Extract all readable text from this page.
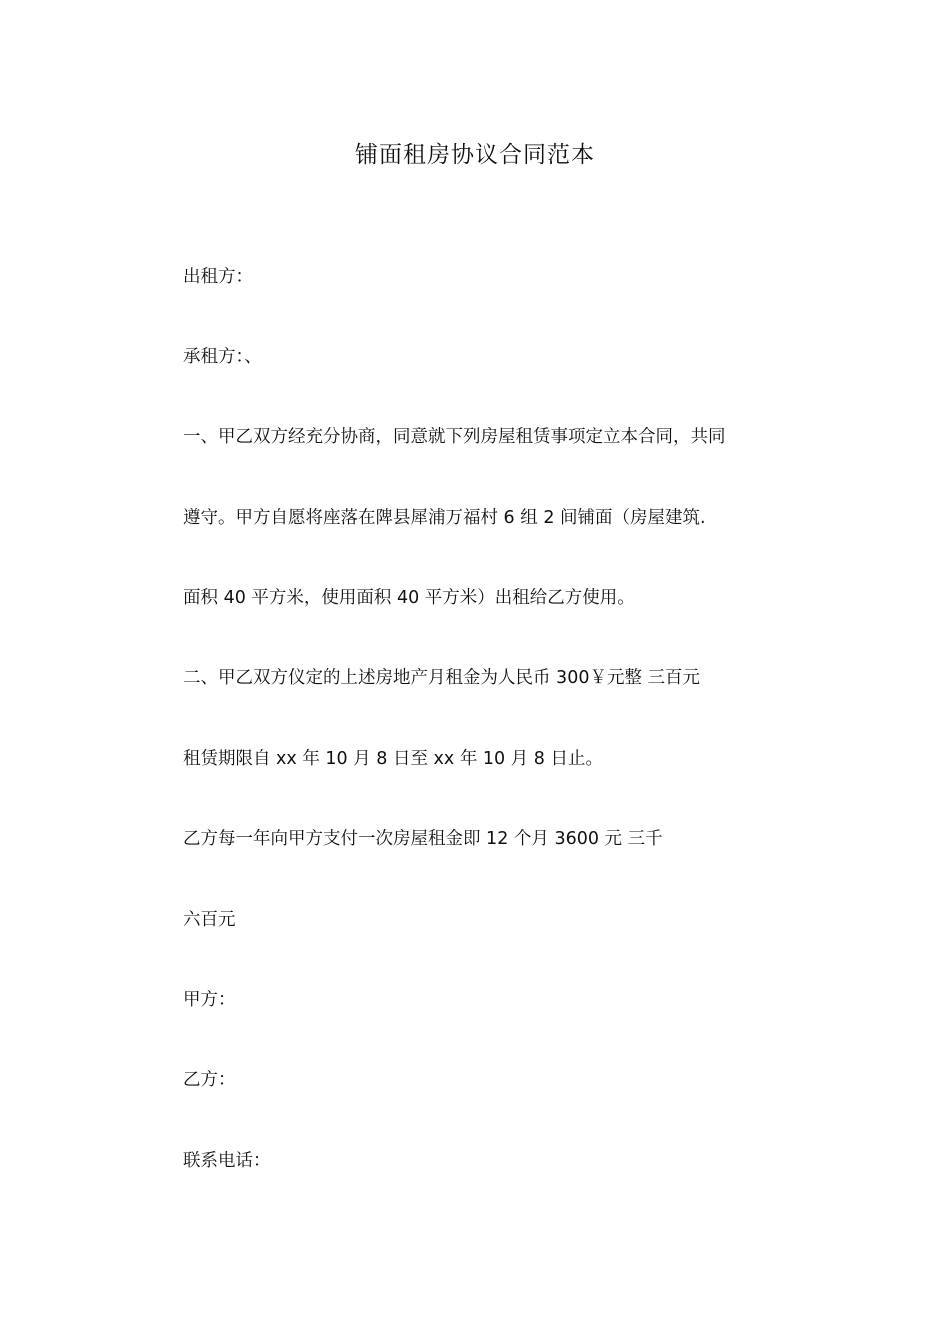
铺面租房协议合同范本
出租方：
承租方：、
一、甲乙双方经充分协商，同意就下列房屋租赁事项定立本合同，共同
遵守。甲方自愿将座落在陴县犀浦万福村 6 组 2 间铺面（房屋建筑.
面积 40 平方米，使用面积 40 平方米）出租给乙方使用。
二、甲乙双方仪定的上述房地产月租金为人民币 300￥元整 三百元
租赁期限自 xx 年 10 月 8 日至 xx 年 10 月 8 日止。
乙方每一年向甲方支付一次房屋租金即 12 个月 3600 元 三千
六百元
甲方：
乙方：
联系电话：
